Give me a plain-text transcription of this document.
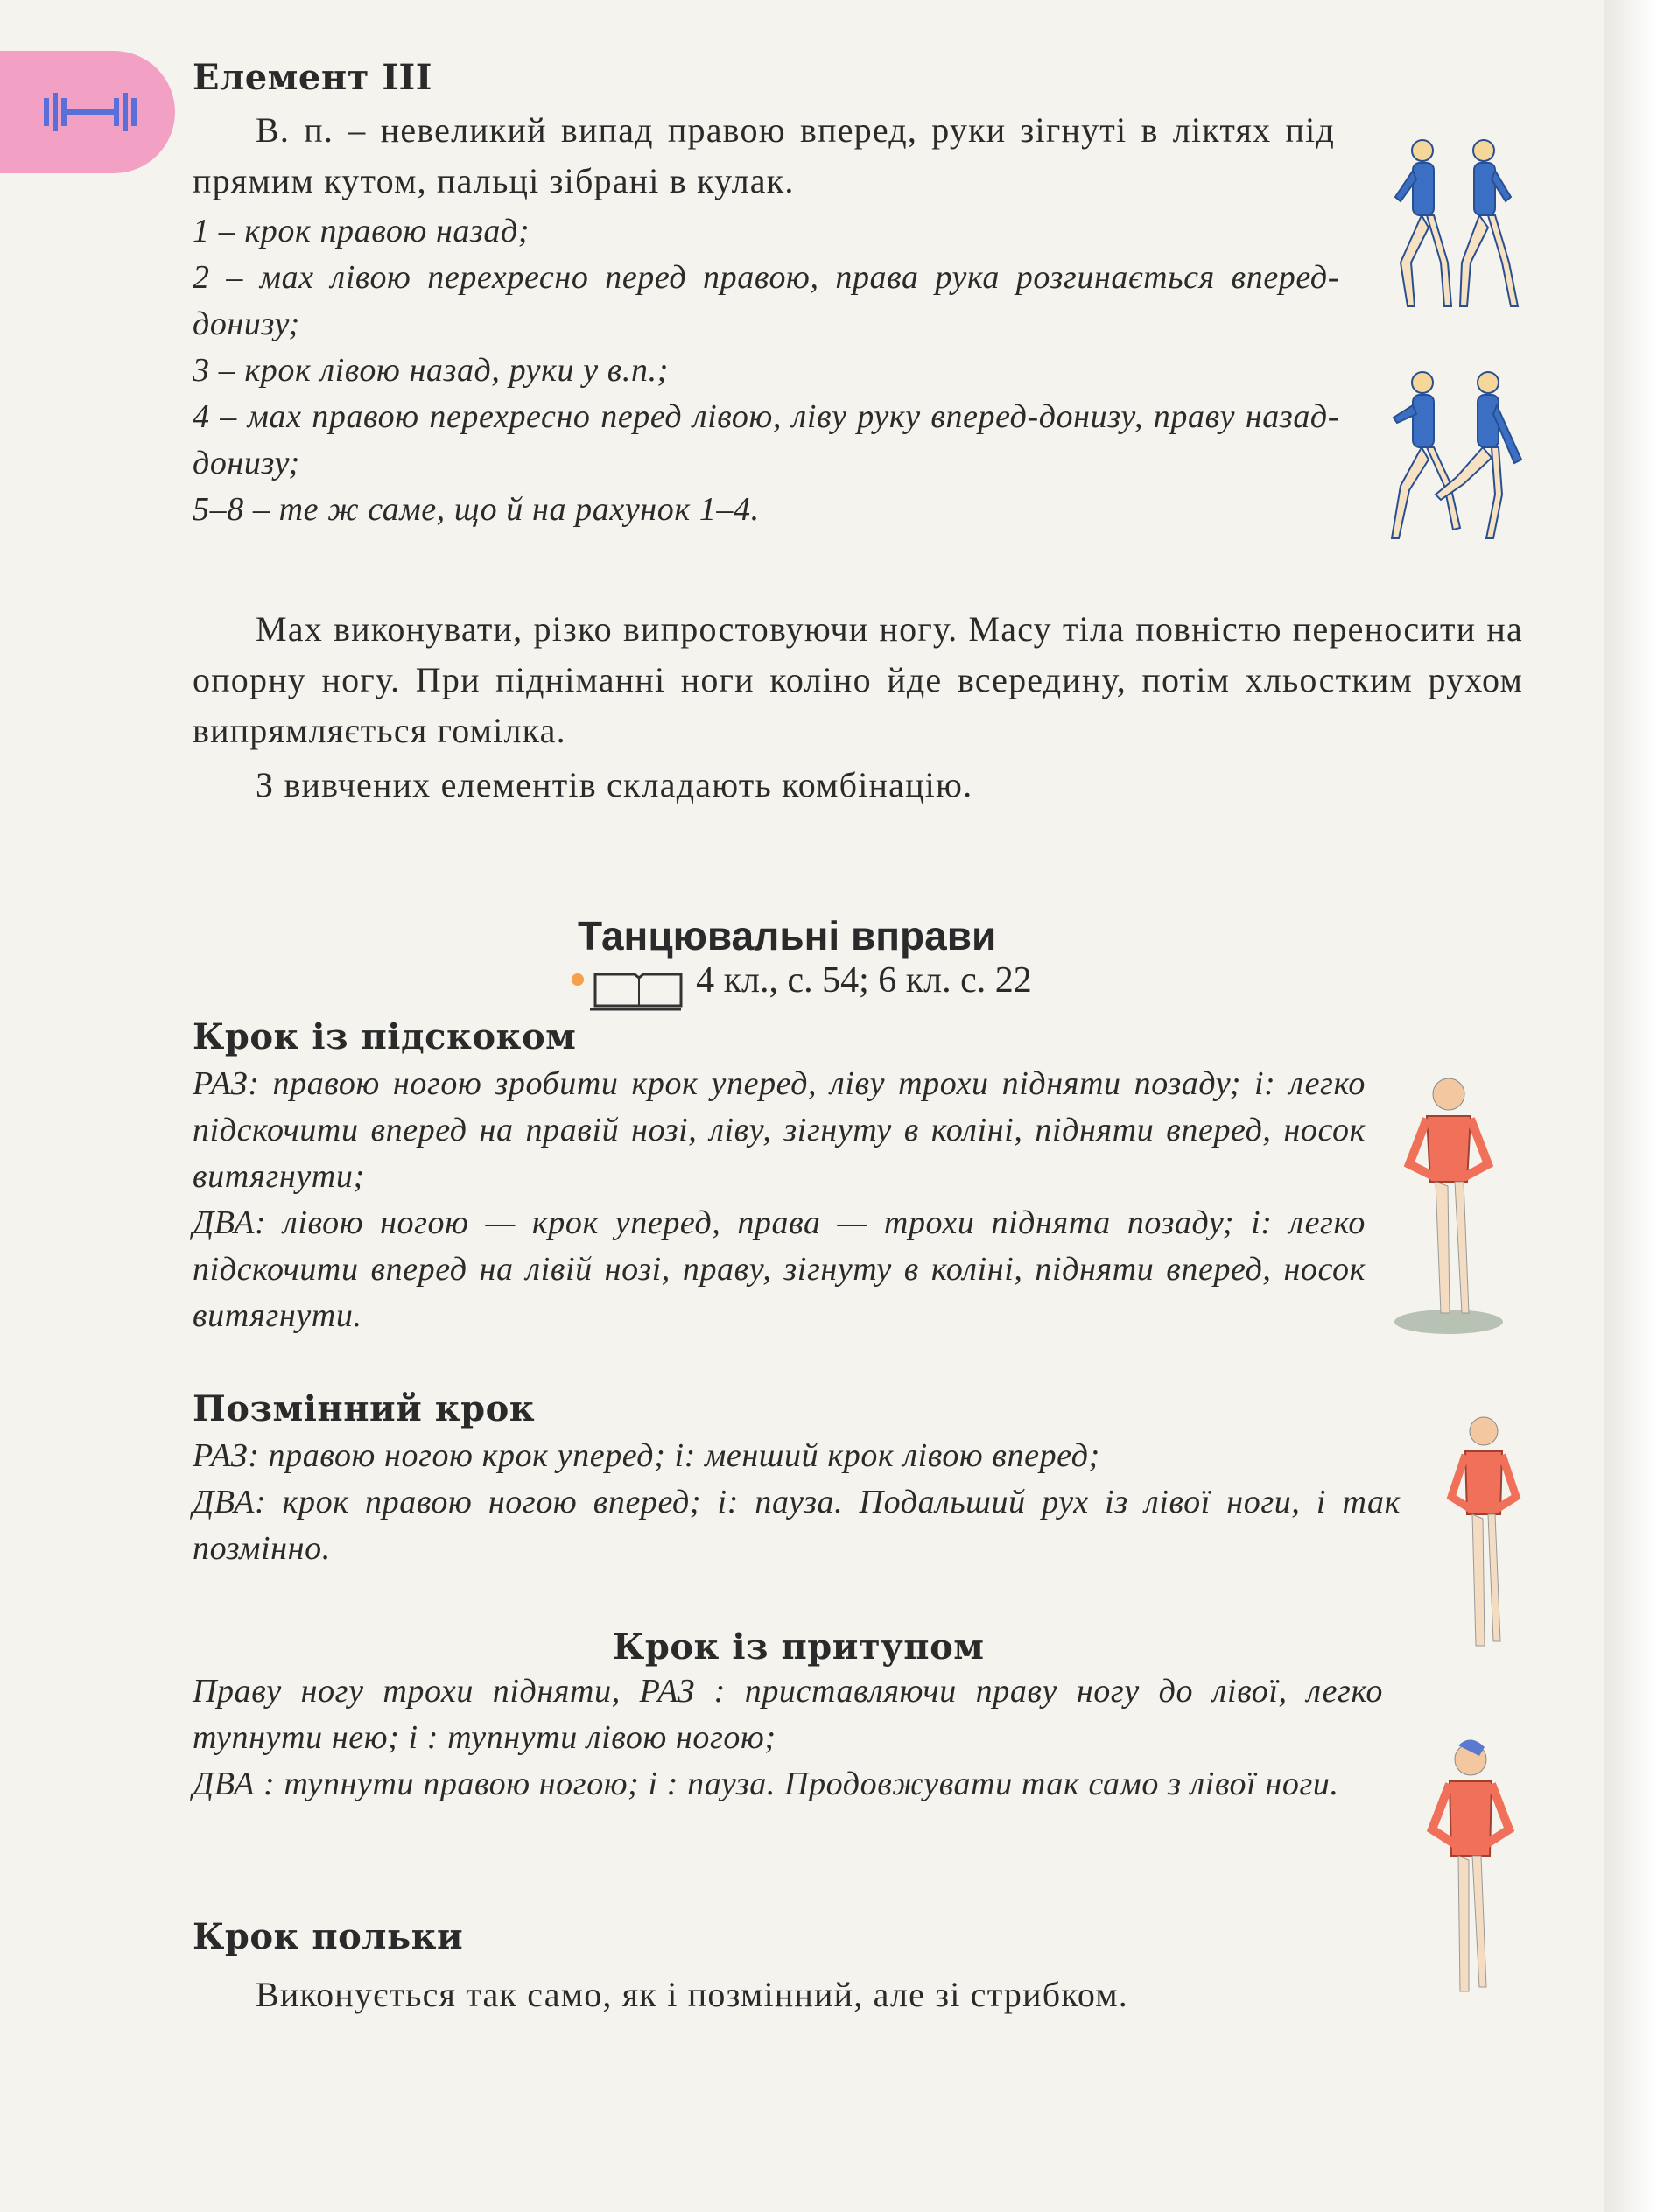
Елемент III
В. п. – невеликий випад правою вперед, руки зігнуті в ліктях під прямим кутом, пальці зібрані в кулак.
1 – крок правою назад;
2 – мах лівою перехресно перед правою, права рука розгинається вперед-донизу;
3 – крок лівою назад, руки у в.п.;
4 – мах правою перехресно перед лівою, ліву руку вперед-донизу, праву назад-донизу;
5–8 – те ж саме, що й на рахунок 1–4.
Мах виконувати, різко випростовуючи ногу. Масу тіла повністю переносити на опорну ногу. При підніманні ноги коліно йде всередину, потім хльостким рухом випрямляється гомілка.
З вивчених елементів складають комбінацію.
Танцювальні вправи
4 кл., с. 54; 6 кл. с. 22
Крок із підскоком
РАЗ: правою ногою зробити крок уперед, ліву трохи підняти позаду; і: легко підскочити вперед на правій нозі, ліву, зігнуту в коліні, підняти вперед, носок витягнути;
ДВА: лівою ногою — крок уперед, права — трохи піднята позаду; і: легко підскочити вперед на лівій нозі, праву, зігнуту в коліні, підняти вперед, носок витягнути.
Позмінний крок
РАЗ: правою ногою крок уперед; і: менший крок лівою вперед;
ДВА: крок правою ногою вперед; і: пауза. Подальший рух із лівої ноги, і так позмінно.
Крок із притупом
Праву ногу трохи підняти, РАЗ : приставляючи праву ногу до лівої, легко тупнути нею; і : тупнути лівою ногою;
ДВА : тупнути правою ногою; і : пауза. Продовжувати так само з лівої ноги.
Крок польки
Виконується так само, як і позмінний, але зі стрибком.
